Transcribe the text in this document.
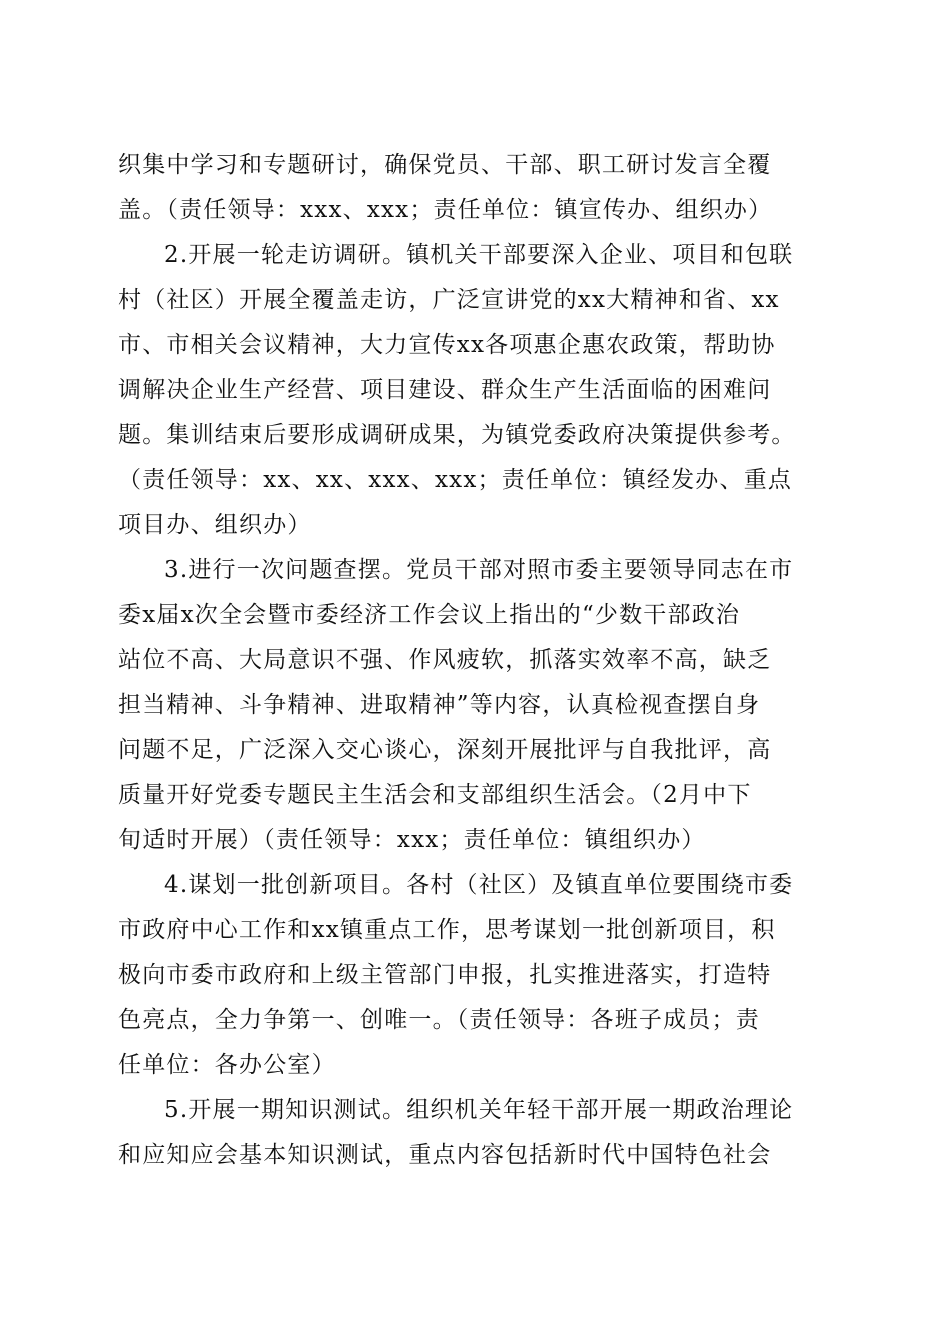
织集中学习和专题研讨，确保党员、干部、职工研讨发言全覆
盖。（责任领导：xxx、xxx；责任单位：镇宣传办、组织办）
2.开展一轮走访调研。镇机关干部要深入企业、项目和包联
村（社区）开展全覆盖走访，广泛宣讲党的xx大精神和省、xx
市、市相关会议精神，大力宣传xx各项惠企惠农政策，帮助协
调解决企业生产经营、项目建设、群众生产生活面临的困难问
题。集训结束后要形成调研成果，为镇党委政府决策提供参考。
（责任领导：xx、xx、xxx、xxx；责任单位：镇经发办、重点
项目办、组织办）
3.进行一次问题查摆。党员干部对照市委主要领导同志在市
委x届x次全会暨市委经济工作会议上指出的“少数干部政治
站位不高、大局意识不强、作风疲软，抓落实效率不高，缺乏
担当精神、斗争精神、进取精神”等内容，认真检视查摆自身
问题不足，广泛深入交心谈心，深刻开展批评与自我批评，高
质量开好党委专题民主生活会和支部组织生活会。（2月中下
旬适时开展）（责任领导：xxx；责任单位：镇组织办）
4.谋划一批创新项目。各村（社区）及镇直单位要围绕市委
市政府中心工作和xx镇重点工作，思考谋划一批创新项目，积
极向市委市政府和上级主管部门申报，扎实推进落实，打造特
色亮点，全力争第一、创唯一。（责任领导：各班子成员；责
任单位：各办公室）
5.开展一期知识测试。组织机关年轻干部开展一期政治理论
和应知应会基本知识测试，重点内容包括新时代中国特色社会
